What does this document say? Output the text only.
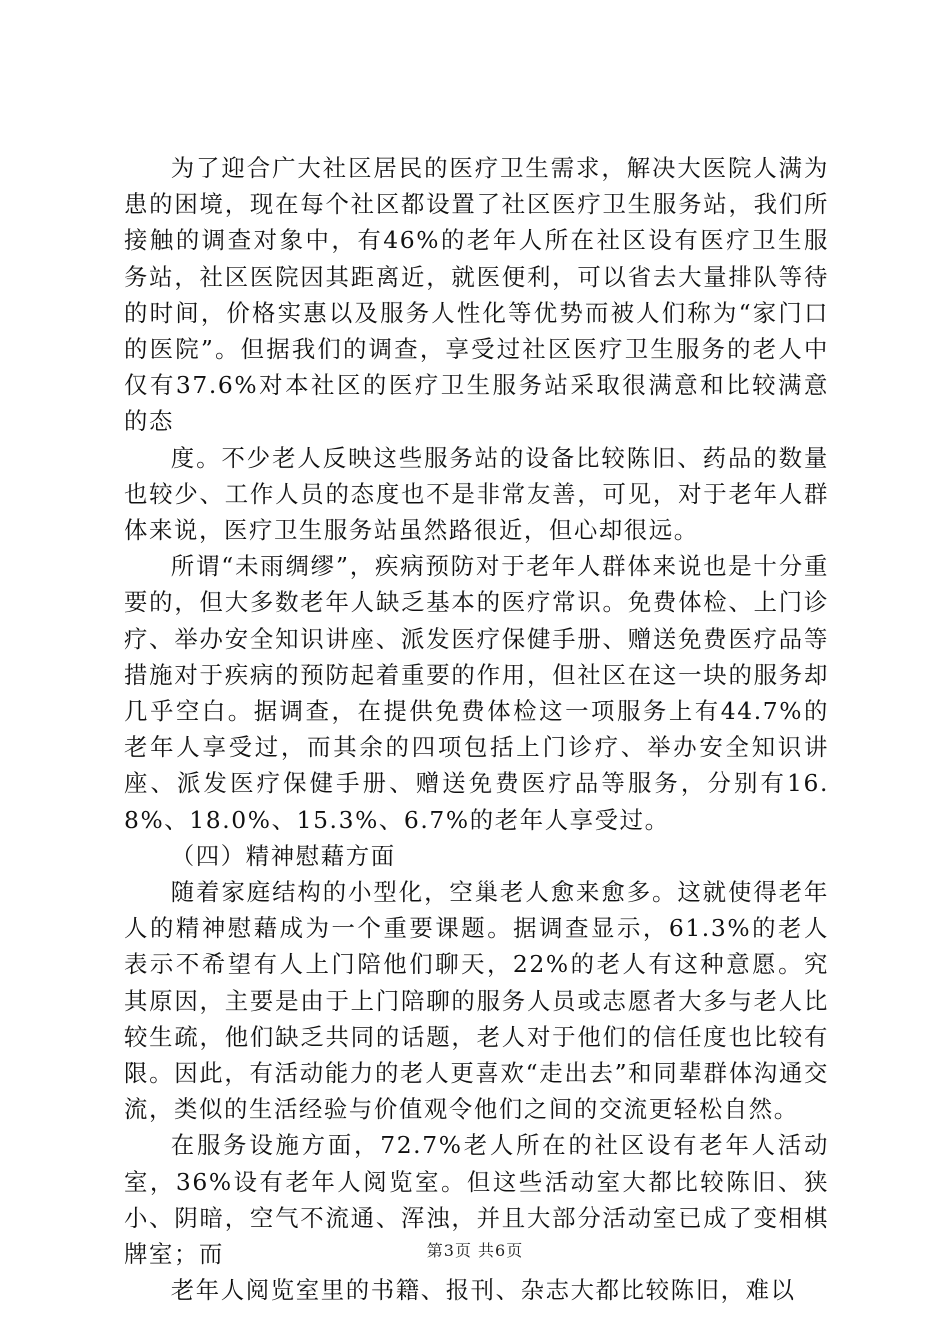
为了迎合广大社区居民的医疗卫生需求，解决大医院人满为患的困境，现在每个社区都设置了社区医疗卫生服务站，我们所接触的调查对象中，有46%的老年人所在社区设有医疗卫生服务站，社区医院因其距离近，就医便利，可以省去大量排队等待的时间，价格实惠以及服务人性化等优势而被人们称为“家门口的医院”。但据我们的调查，享受过社区医疗卫生服务的老人中仅有37.6%对本社区的医疗卫生服务站采取很满意和比较满意的态

度。不少老人反映这些服务站的设备比较陈旧、药品的数量也较少、工作人员的态度也不是非常友善，可见，对于老年人群体来说，医疗卫生服务站虽然路很近，但心却很远。

所谓“未雨绸缪”，疾病预防对于老年人群体来说也是十分重要的，但大多数老年人缺乏基本的医疗常识。免费体检、上门诊疗、举办安全知识讲座、派发医疗保健手册、赠送免费医疗品等措施对于疾病的预防起着重要的作用，但社区在这一块的服务却几乎空白。据调查，在提供免费体检这一项服务上有44.7%的老年人享受过，而其余的四项包括上门诊疗、举办安全知识讲座、派发医疗保健手册、赠送免费医疗品等服务，分别有16.8%、18.0%、15.3%、6.7%的老年人享受过。

（四）精神慰藉方面

随着家庭结构的小型化，空巢老人愈来愈多。这就使得老年人的精神慰藉成为一个重要课题。据调查显示，61.3%的老人表示不希望有人上门陪他们聊天，22%的老人有这种意愿。究其原因，主要是由于上门陪聊的服务人员或志愿者大多与老人比较生疏，他们缺乏共同的话题，老人对于他们的信任度也比较有限。因此，有活动能力的老人更喜欢“走出去”和同辈群体沟通交流，类似的生活经验与价值观令他们之间的交流更轻松自然。

在服务设施方面，72.7%老人所在的社区设有老年人活动室，36%设有老年人阅览室。但这些活动室大都比较陈旧、狭小、阴暗，空气不流通、浑浊，并且大部分活动室已成了变相棋牌室；而

老年人阅览室里的书籍、报刊、杂志大都比较陈旧，难以

第3页 共6页
